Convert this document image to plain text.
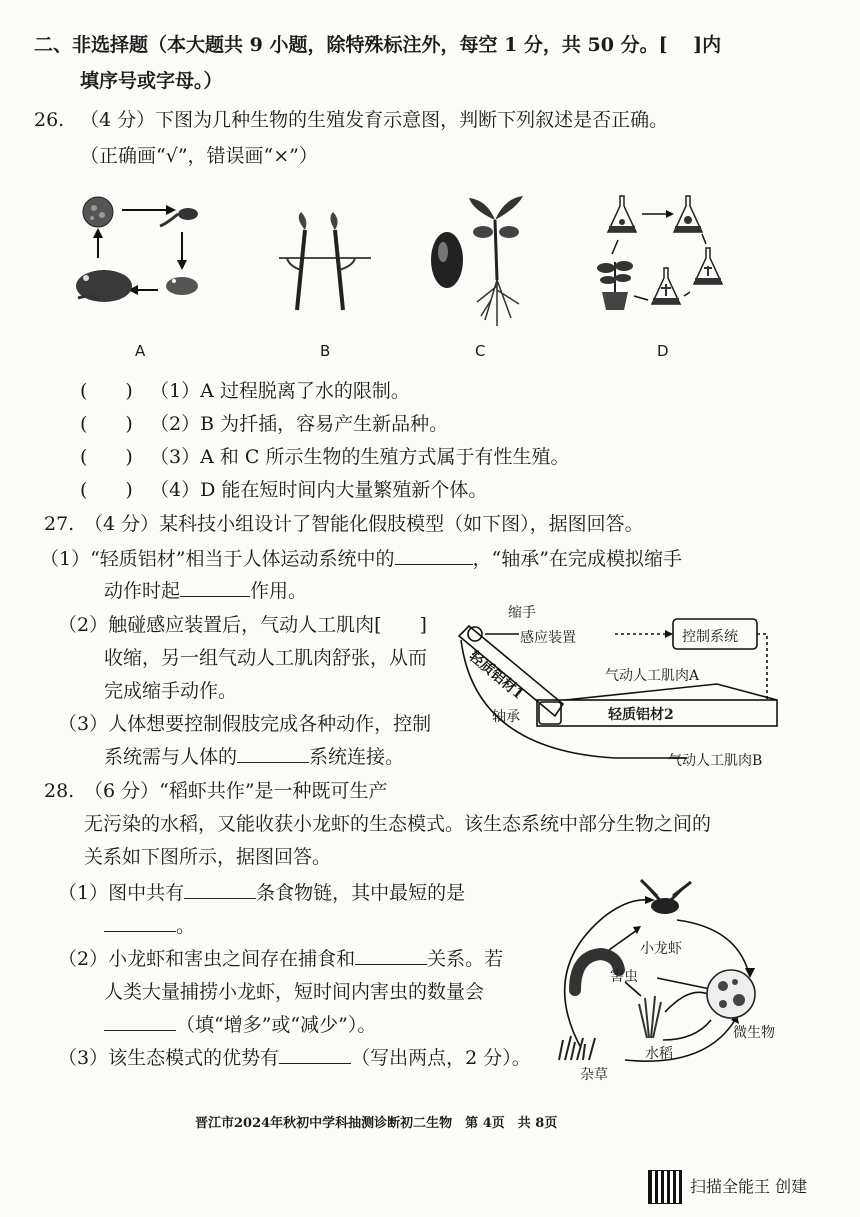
二、非选择题（本大题共 9 小题，除特殊标注外，每空 1 分，共 50 分。[　 ]内
填序号或字母。）
26. （4 分）下图为几种生物的生殖发育示意图，判断下列叙述是否正确。
（正确画“√”，错误画“×”）
A	B	C	D
(　　) （1）A 过程脱离了水的限制。
(　　) （2）B 为扦插，容易产生新品种。
(　　) （3）A 和 C 所示生物的生殖方式属于有性生殖。
(　　) （4）D 能在短时间内大量繁殖新个体。
27. （4 分）某科技小组设计了智能化假肢模型（如下图），据图回答。
（1）“轻质铝材”相当于人体运动系统中的	，“轴承”在完成模拟缩手
动作时起	作用。
（2）触碰感应装置后，气动人工肌肉[　　]
收缩，另一组气动人工肌肉舒张，从而
完成缩手动作。
（3）人体想要控制假肢完成各种动作，控制
系统需与人体的	系统连接。
缩手
感应装置	控制系统
轻质铝材1	气动人工肌肉A
轴承	轻质铝材2
气动人工肌肉B
28. （6 分）“稻虾共作”是一种既可生产
无污染的水稻，又能收获小龙虾的生态模式。该生态系统中部分生物之间的
关系如下图所示，据图回答。
（1）图中共有	条食物链，其中最短的是
。
（2）小龙虾和害虫之间存在捕食和	关系。若
人类大量捕捞小龙虾，短时间内害虫的数量会
（填“增多”或“减少”）。
（3）该生态模式的优势有	（写出两点，2 分）。
小龙虾
害虫
微生物
水稻
杂草
晋江市2024年秋初中学科抽测诊断初二生物　第 4页　共 8页
扫描全能王 创建
